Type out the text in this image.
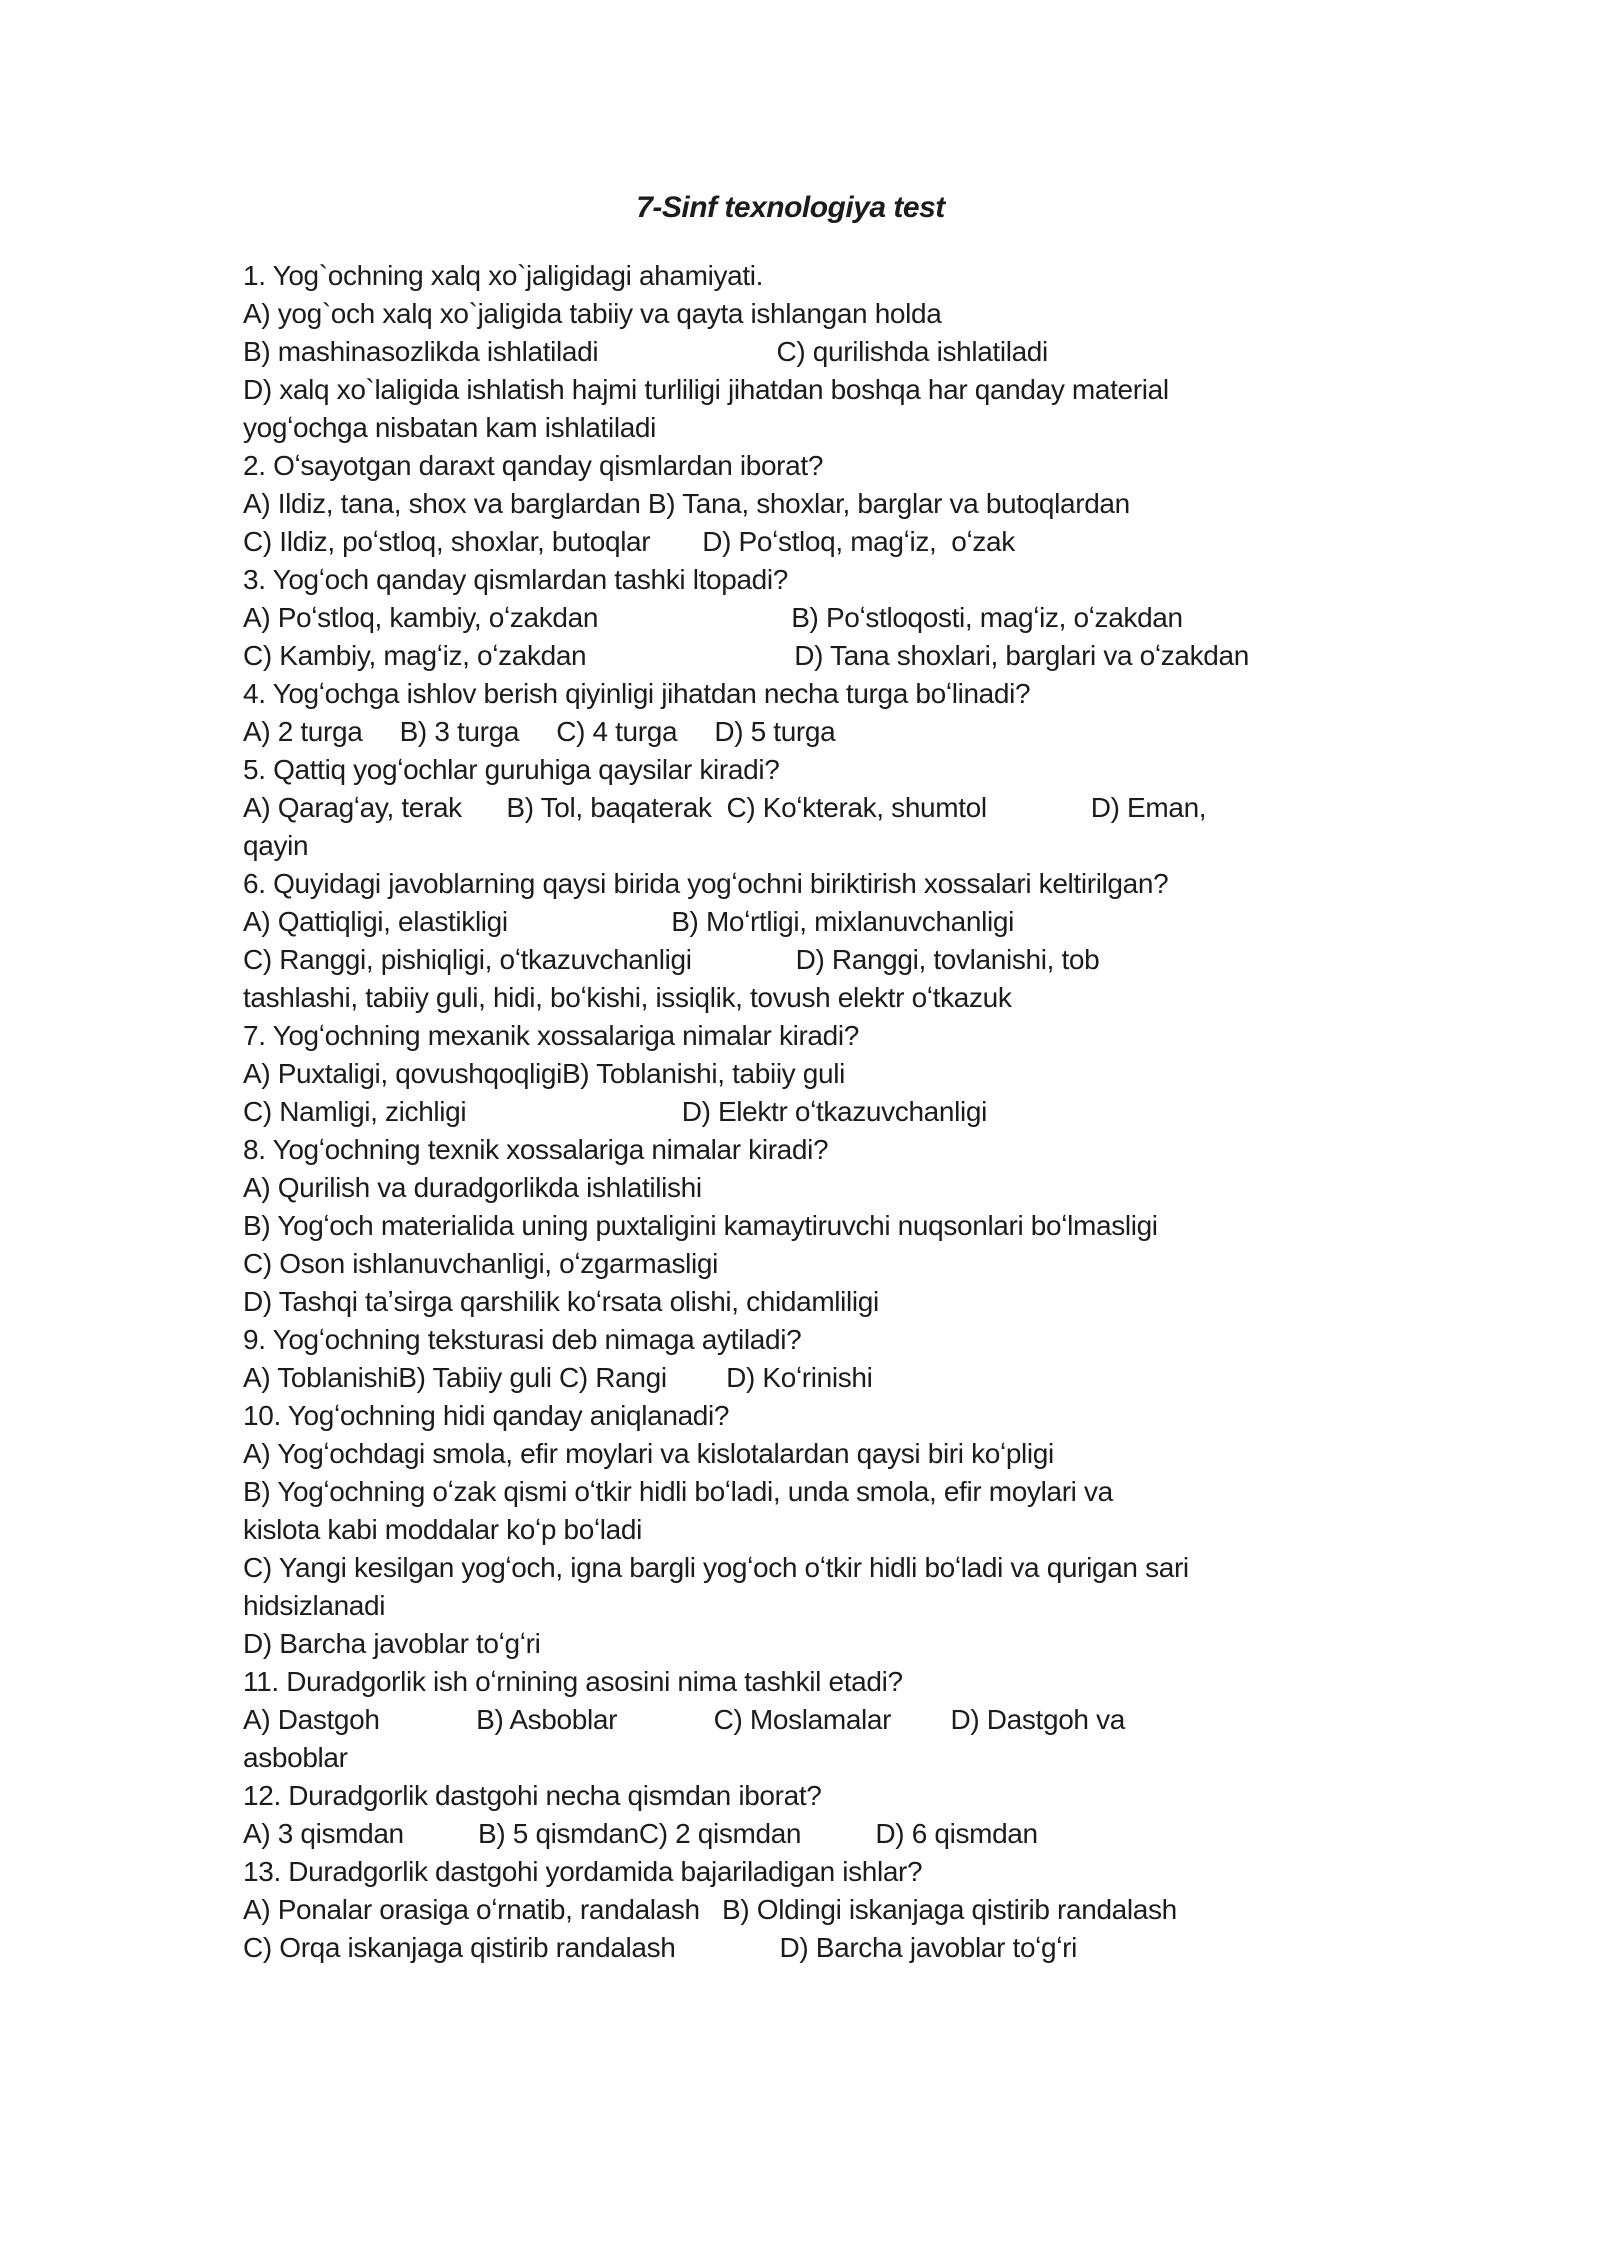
7-Sinf texnologiya test
1. Yog`ochning xalq xo`jaligidagi ahamiyati.
A) yog`och xalq xo`jaligida tabiiy va qayta ishlangan holda
B) mashinasozlikda ishlatiladi                        C) qurilishda ishlatiladi
D) xalq xo`laligida ishlatish hajmi turliligi jihatdan boshqa har qanday material
yogʻochga nisbatan kam ishlatiladi
2. Oʻsayotgan daraxt qanday qismlardan iborat?
A) Ildiz, tana, shox va barglardan B) Tana, shoxlar, barglar va butoqlardan
C) Ildiz, poʻstloq, shoxlar, butoqlar       D) Poʻstloq, magʻiz,  oʻzak
3. Yogʻoch qanday qismlardan tashki ltopadi?
A) Poʻstloq, kambiy, oʻzakdan                          B) Poʻstloqosti, magʻiz, oʻzakdan
C) Kambiy, magʻiz, oʻzakdan                            D) Tana shoxlari, barglari va oʻzakdan
4. Yogʻochga ishlov berish qiyinligi jihatdan necha turga boʻlinadi?
A) 2 turga     B) 3 turga     C) 4 turga     D) 5 turga
5. Qattiq yogʻochlar guruhiga qaysilar kiradi?
A) Qaragʻay, terak      B) Tol, baqaterak  C) Koʻkterak, shumtol              D) Eman,
qayin
6. Quyidagi javoblarning qaysi birida yogʻochni biriktirish xossalari keltirilgan?
A) Qattiqligi, elastikligi                      B) Moʻrtligi, mixlanuvchanligi
C) Ranggi, pishiqligi, oʻtkazuvchanligi              D) Ranggi, tovlanishi, tob
tashlashi, tabiiy guli, hidi, boʻkishi, issiqlik, tovush elektr oʻtkazuk
7. Yogʻochning mexanik xossalariga nimalar kiradi?
A) Puxtaligi, qovushqoqligiB) Toblanishi, tabiiy guli
C) Namligi, zichligi                             D) Elektr oʻtkazuvchanligi
8. Yogʻochning texnik xossalariga nimalar kiradi?
A) Qurilish va duradgorlikda ishlatilishi
B) Yogʻoch materialida uning puxtaligini kamaytiruvchi nuqsonlari boʻlmasligi
C) Oson ishlanuvchanligi, oʻzgarmasligi
D) Tashqi taʼsirga qarshilik koʻrsata olishi, chidamliligi
9. Yogʻochning teksturasi deb nimaga aytiladi?
A) ToblanishiB) Tabiiy guli C) Rangi        D) Koʻrinishi
10. Yogʻochning hidi qanday aniqlanadi?
A) Yogʻochdagi smola, efir moylari va kislotalardan qaysi biri koʻpligi
B) Yogʻochning oʻzak qismi oʻtkir hidli boʻladi, unda smola, efir moylari va
kislota kabi moddalar koʻp boʻladi
C) Yangi kesilgan yogʻoch, igna bargli yogʻoch oʻtkir hidli boʻladi va qurigan sari
hidsizlanadi
D) Barcha javoblar toʻgʻri
11. Duradgorlik ish oʻrnining asosini nima tashkil etadi?
A) Dastgoh             B) Asboblar             C) Moslamalar        D) Dastgoh va
asboblar
12. Duradgorlik dastgohi necha qismdan iborat?
A) 3 qismdan          B) 5 qismdanC) 2 qismdan          D) 6 qismdan
13. Duradgorlik dastgohi yordamida bajariladigan ishlar?
A) Ponalar orasiga oʻrnatib, randalash   B) Oldingi iskanjaga qistirib randalash
C) Orqa iskanjaga qistirib randalash              D) Barcha javoblar toʻgʻri
